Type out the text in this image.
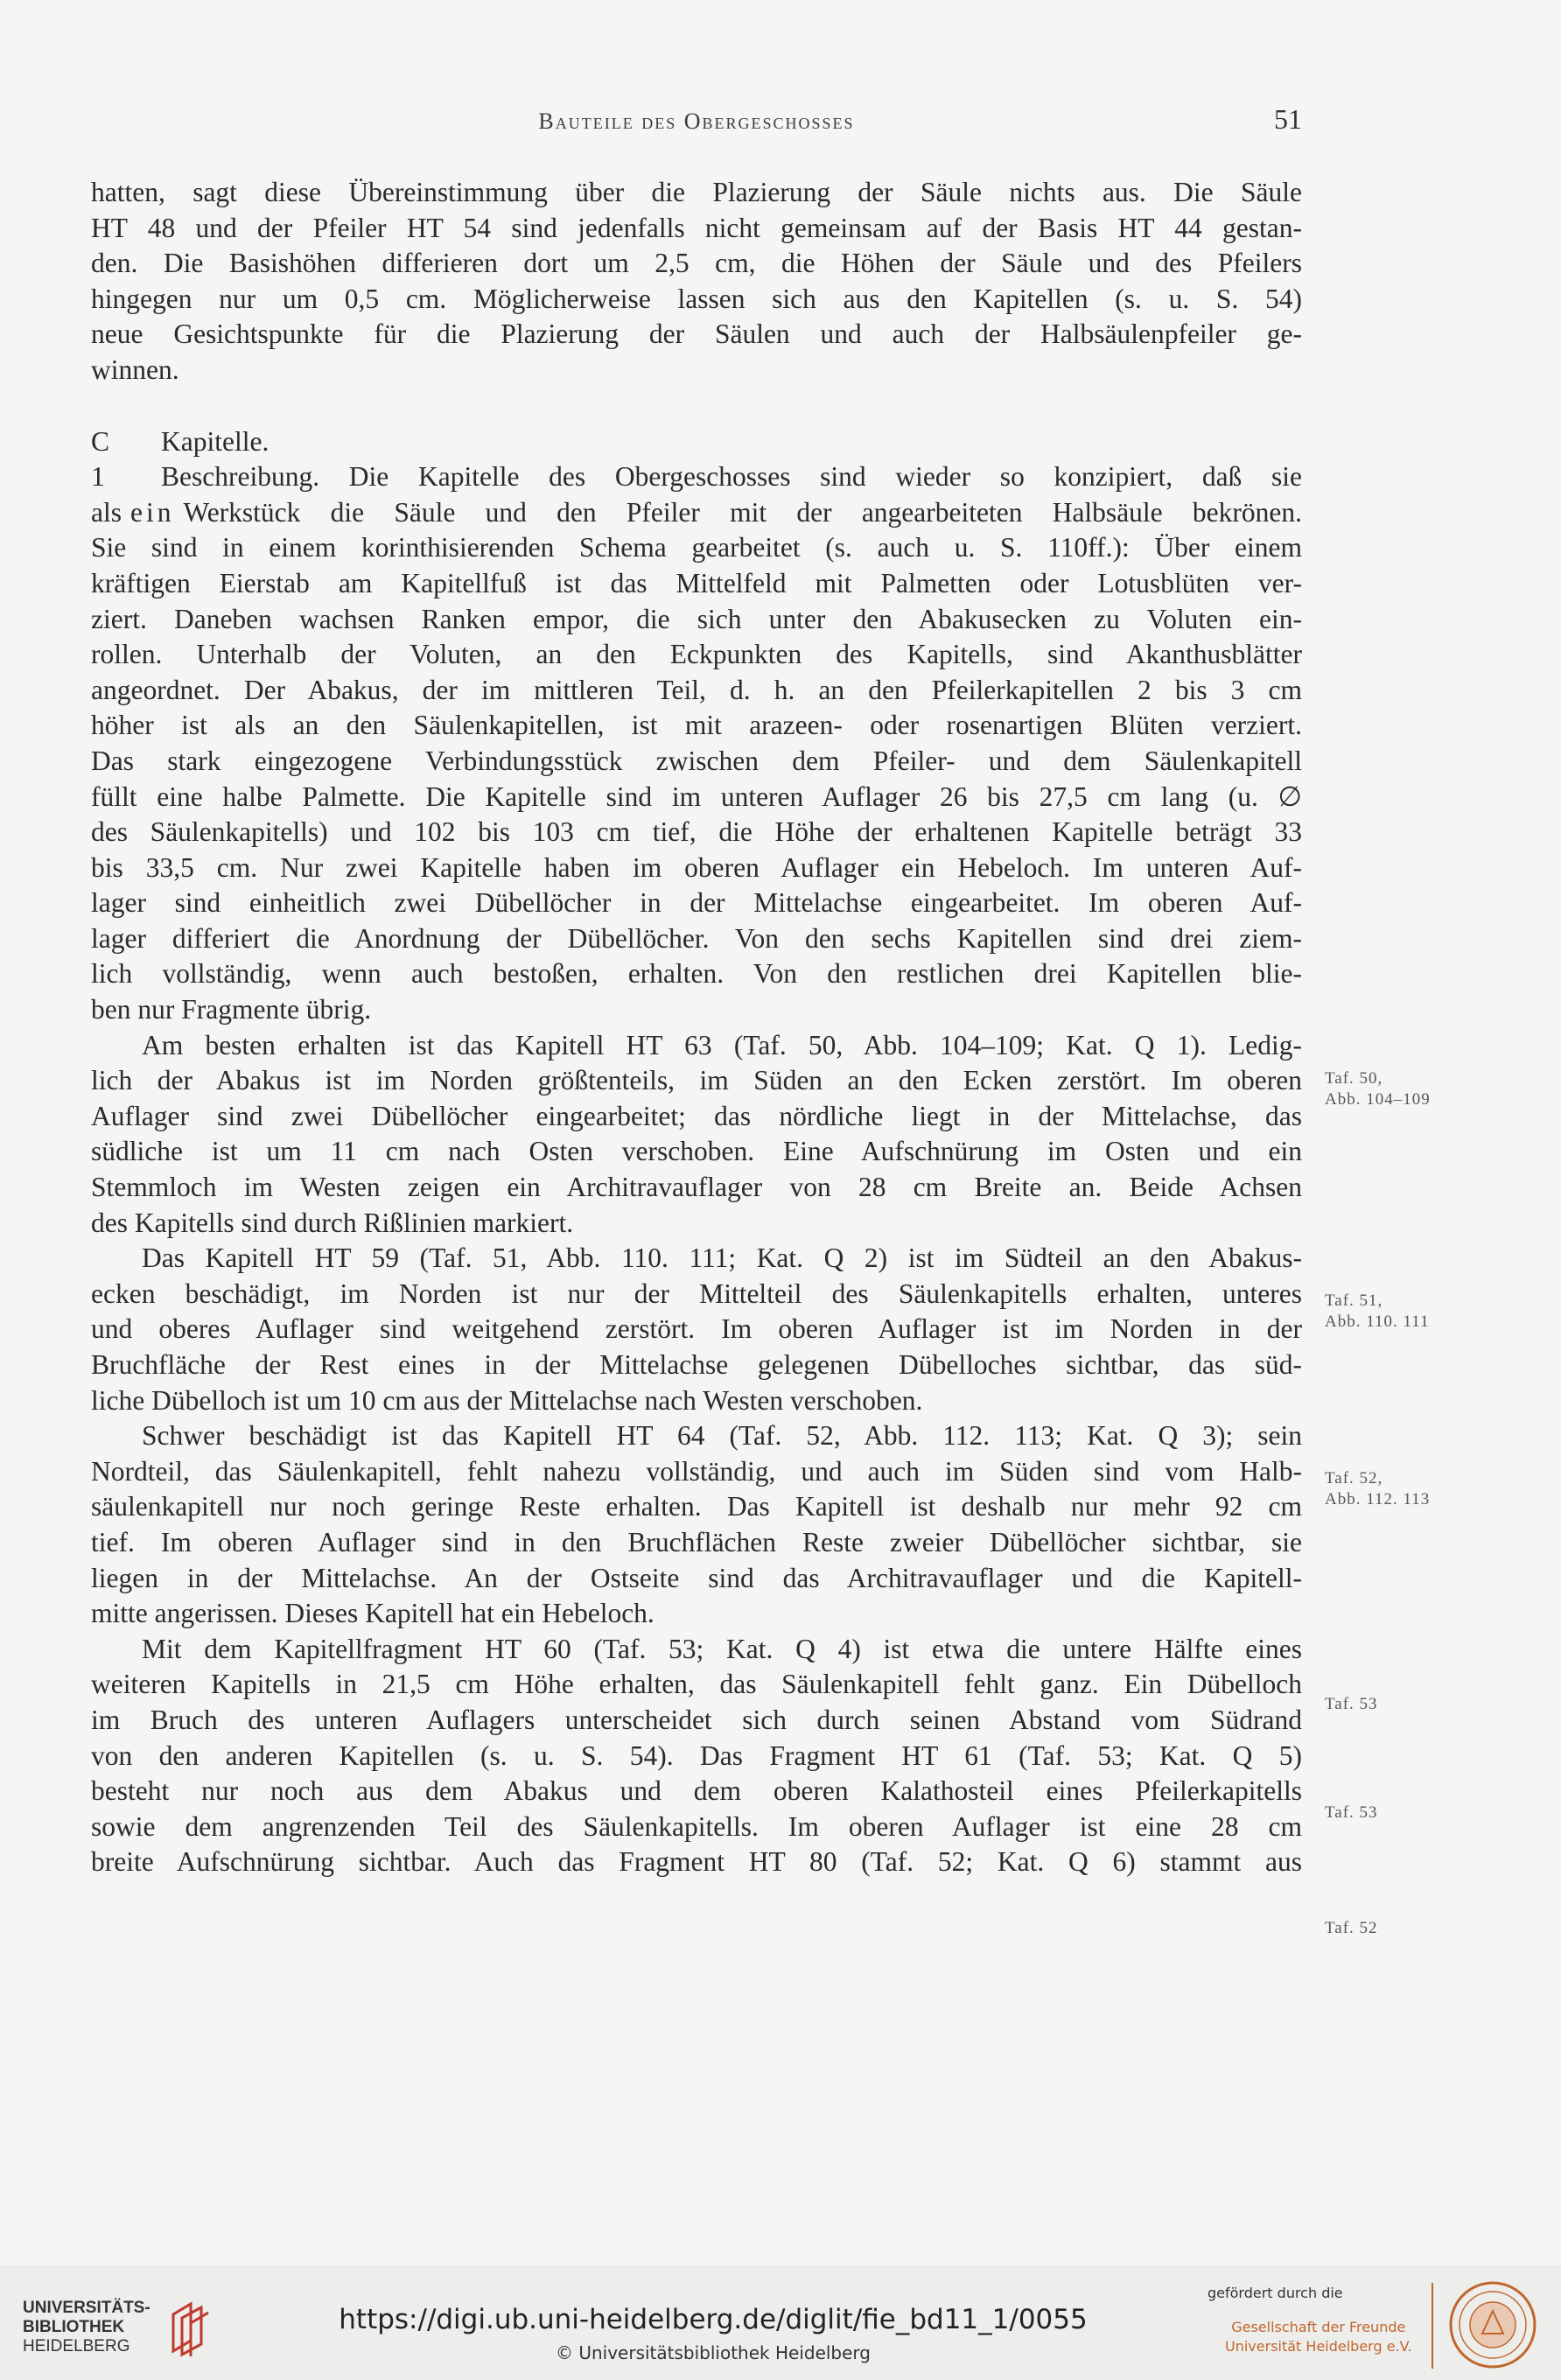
Bauteile des Obergeschosses	51
hatten, sagt diese Übereinstimmung über die Plazierung der Säule nichts aus. Die Säule
HT 48 und der Pfeiler HT 54 sind jedenfalls nicht gemeinsam auf der Basis HT 44 gestan-
den. Die Basishöhen differieren dort um 2,5 cm, die Höhen der Säule und des Pfeilers
hingegen nur um 0,5 cm. Möglicherweise lassen sich aus den Kapitellen (s. u. S. 54)
neue Gesichtspunkte für die Plazierung der Säulen und auch der Halbsäulenpfeiler ge-
winnen.
C Kapitelle.
1	Beschreibung. Die Kapitelle des Obergeschosses sind wieder so konzipiert, daß sie
als ein Werkstück die Säule und den Pfeiler mit der angearbeiteten Halbsäule bekrönen.
Sie sind in einem korinthisierenden Schema gearbeitet (s. auch u. S. 110ff.): Über einem
kräftigen Eierstab am Kapitellfuß ist das Mittelfeld mit Palmetten oder Lotusblüten ver-
ziert. Daneben wachsen Ranken empor, die sich unter den Abakusecken zu Voluten ein-
rollen. Unterhalb der Voluten, an den Eckpunkten des Kapitells, sind Akanthusblätter
angeordnet. Der Abakus, der im mittleren Teil, d. h. an den Pfeilerkapitellen 2 bis 3 cm
höher ist als an den Säulenkapitellen, ist mit arazeen- oder rosenartigen Blüten verziert.
Das stark eingezogene Verbindungsstück zwischen dem Pfeiler- und dem Säulenkapitell
füllt eine halbe Palmette. Die Kapitelle sind im unteren Auflager 26 bis 27,5 cm lang (u. ∅
des Säulenkapitells) und 102 bis 103 cm tief, die Höhe der erhaltenen Kapitelle beträgt 33
bis 33,5 cm. Nur zwei Kapitelle haben im oberen Auflager ein Hebeloch. Im unteren Auf-
lager sind einheitlich zwei Dübellöcher in der Mittelachse eingearbeitet. Im oberen Auf-
lager differiert die Anordnung der Dübellöcher. Von den sechs Kapitellen sind drei ziem-
lich vollständig, wenn auch bestoßen, erhalten. Von den restlichen drei Kapitellen blie-
ben nur Fragmente übrig.
Am besten erhalten ist das Kapitell HT 63 (Taf. 50, Abb. 104–109; Kat. Q 1). Ledig-
lich der Abakus ist im Norden größtenteils, im Süden an den Ecken zerstört. Im oberen
Auflager sind zwei Dübellöcher eingearbeitet; das nördliche liegt in der Mittelachse, das
südliche ist um 11 cm nach Osten verschoben. Eine Aufschnürung im Osten und ein
Stemmloch im Westen zeigen ein Architravauflager von 28 cm Breite an. Beide Achsen
des Kapitells sind durch Rißlinien markiert.
Das Kapitell HT 59 (Taf. 51, Abb. 110. 111; Kat. Q 2) ist im Südteil an den Abakus-
ecken beschädigt, im Norden ist nur der Mittelteil des Säulenkapitells erhalten, unteres
und oberes Auflager sind weitgehend zerstört. Im oberen Auflager ist im Norden in der
Bruchfläche der Rest eines in der Mittelachse gelegenen Dübelloches sichtbar, das süd-
liche Dübelloch ist um 10 cm aus der Mittelachse nach Westen verschoben.
Schwer beschädigt ist das Kapitell HT 64 (Taf. 52, Abb. 112. 113; Kat. Q 3); sein
Nordteil, das Säulenkapitell, fehlt nahezu vollständig, und auch im Süden sind vom Halb-
säulenkapitell nur noch geringe Reste erhalten. Das Kapitell ist deshalb nur mehr 92 cm
tief. Im oberen Auflager sind in den Bruchflächen Reste zweier Dübellöcher sichtbar, sie
liegen in der Mittelachse. An der Ostseite sind das Architravauflager und die Kapitell-
mitte angerissen. Dieses Kapitell hat ein Hebeloch.
Mit dem Kapitellfragment HT 60 (Taf. 53; Kat. Q 4) ist etwa die untere Hälfte eines
weiteren Kapitells in 21,5 cm Höhe erhalten, das Säulenkapitell fehlt ganz. Ein Dübelloch
im Bruch des unteren Auflagers unterscheidet sich durch seinen Abstand vom Südrand
von den anderen Kapitellen (s. u. S. 54). Das Fragment HT 61 (Taf. 53; Kat. Q 5)
besteht nur noch aus dem Abakus und dem oberen Kalathosteil eines Pfeilerkapitells
sowie dem angrenzenden Teil des Säulenkapitells. Im oberen Auflager ist eine 28 cm
breite Aufschnürung sichtbar. Auch das Fragment HT 80 (Taf. 52; Kat. Q 6) stammt aus
Taf. 50,
Abb. 104–109
Taf. 51,
Abb. 110. 111
Taf. 52,
Abb. 112. 113
Taf. 53
Taf. 53
Taf. 52
UNIVERSITÄTS-
BIBLIOTHEK
HEIDELBERG
https://digi.ub.uni-heidelberg.de/diglit/fie_bd11_1/0055
© Universitätsbibliothek Heidelberg
gefördert durch die
Gesellschaft der Freunde
Universität Heidelberg e.V.
